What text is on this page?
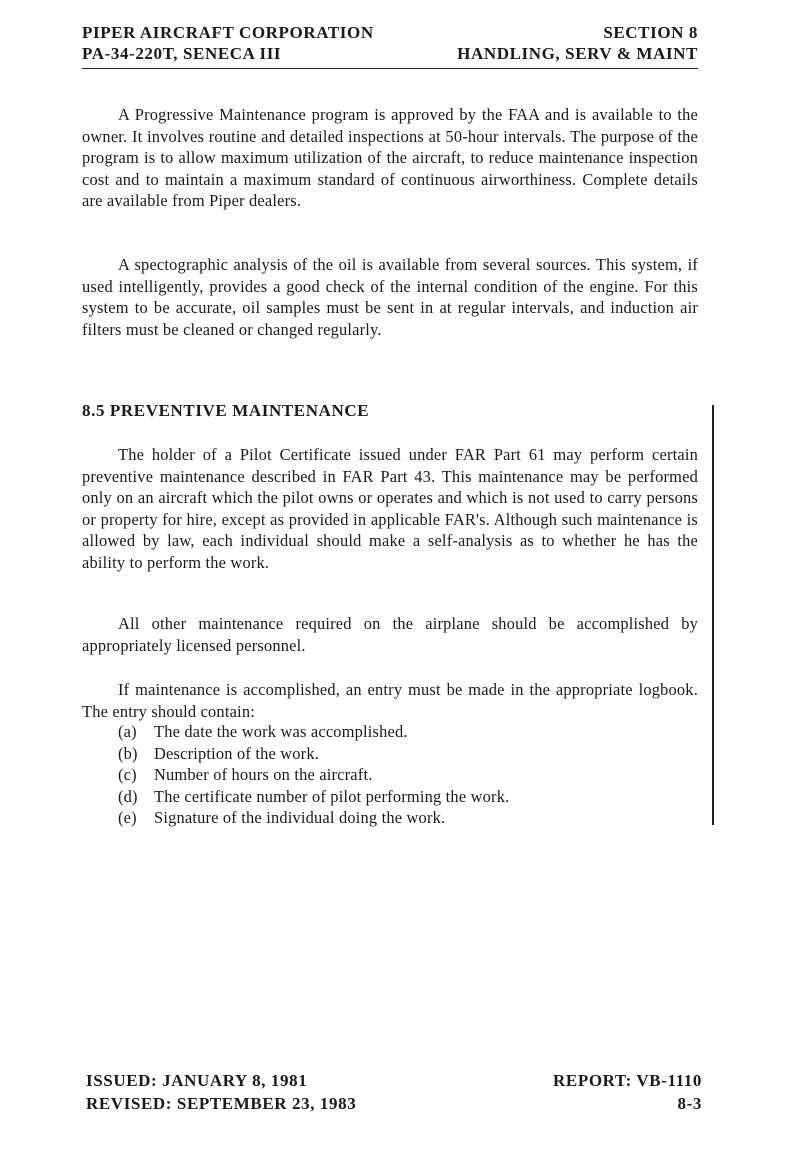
PIPER AIRCRAFT CORPORATION	SECTION 8
PA-34-220T, SENECA III	HANDLING, SERV & MAINT

A Progressive Maintenance program is approved by the FAA and is available to the owner. It involves routine and detailed inspections at 50-hour intervals. The purpose of the program is to allow maximum utilization of the aircraft, to reduce maintenance inspection cost and to maintain a maximum standard of continuous airworthiness. Complete details are available from Piper dealers.

A spectographic analysis of the oil is available from several sources. This system, if used intelligently, provides a good check of the internal condition of the engine. For this system to be accurate, oil samples must be sent in at regular intervals, and induction air filters must be cleaned or changed regularly.

8.5 PREVENTIVE MAINTENANCE

The holder of a Pilot Certificate issued under FAR Part 61 may perform certain preventive maintenance described in FAR Part 43. This maintenance may be performed only on an aircraft which the pilot owns or operates and which is not used to carry persons or property for hire, except as provided in applicable FAR's. Although such maintenance is allowed by law, each individual should make a self-analysis as to whether he has the ability to perform the work.

All other maintenance required on the airplane should be accomplished by appropriately licensed personnel.

If maintenance is accomplished, an entry must be made in the appropriate logbook. The entry should contain:

(a)	The date the work was accomplished.
(b) Description of the work.
(c)	Number of hours on the aircraft.
(d) The certificate number of pilot performing the work.
(e)	Signature of the individual doing the work.
ISSUED: JANUARY 8, 1981	REPORT: VB-1110
REVISED: SEPTEMBER 23, 1983	8-3
